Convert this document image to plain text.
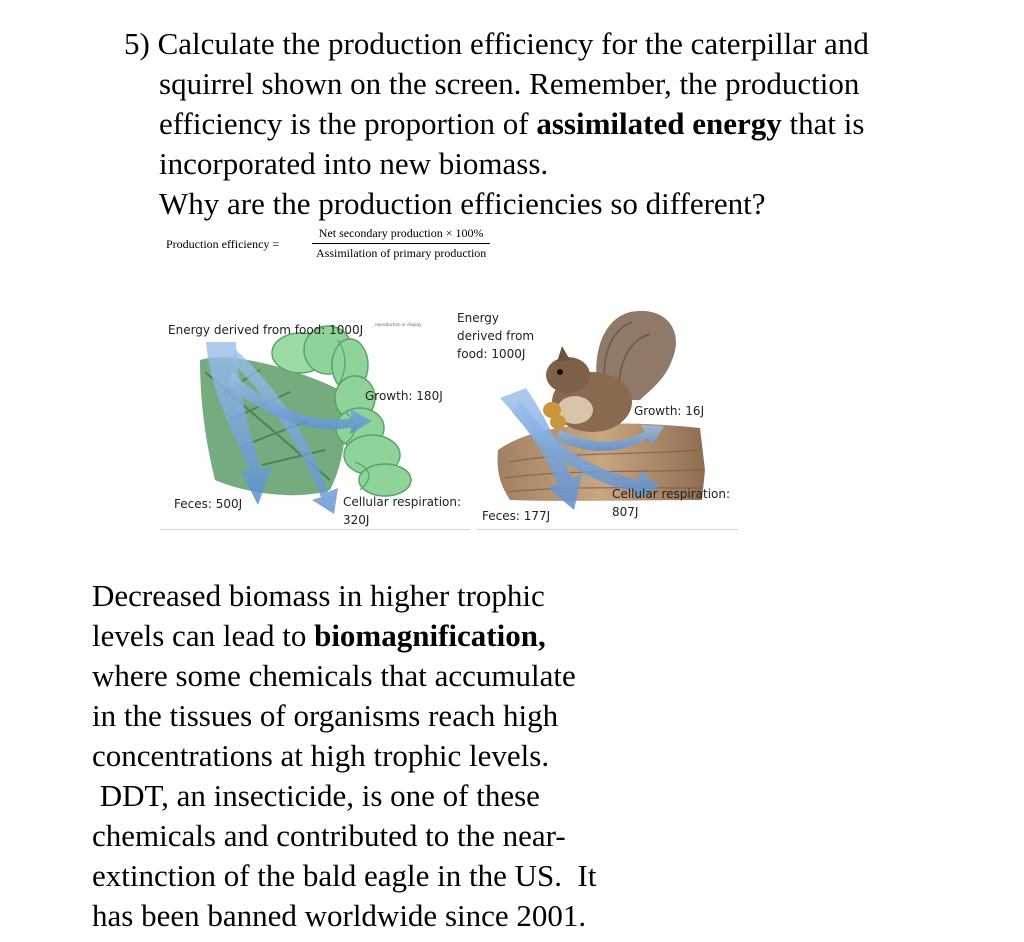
5) Calculate the production efficiency for the caterpillar and
squirrel shown on the screen. Remember, the production
efficiency is the proportion of assimilated energy that is
incorporated into new biomass.
Why are the production efficiencies so different?
Production efficiency =
Net secondary production × 100%
Assimilation of primary production
Energy derived from food: 1000J	reproduction or display
Growth: 180J
Feces: 500J	Cellular respiration:
320J
Energy
derived from
food: 1000J
Growth: 16J
Feces: 177J
Cellular respiration:
807J
Decreased biomass in higher trophic
levels can lead to biomagnification,
where some chemicals that accumulate
in the tissues of organisms reach high
concentrations at high trophic levels.
DDT, an insecticide, is one of these
chemicals and contributed to the near-
extinction of the bald eagle in the US.  It
has been banned worldwide since 2001.
